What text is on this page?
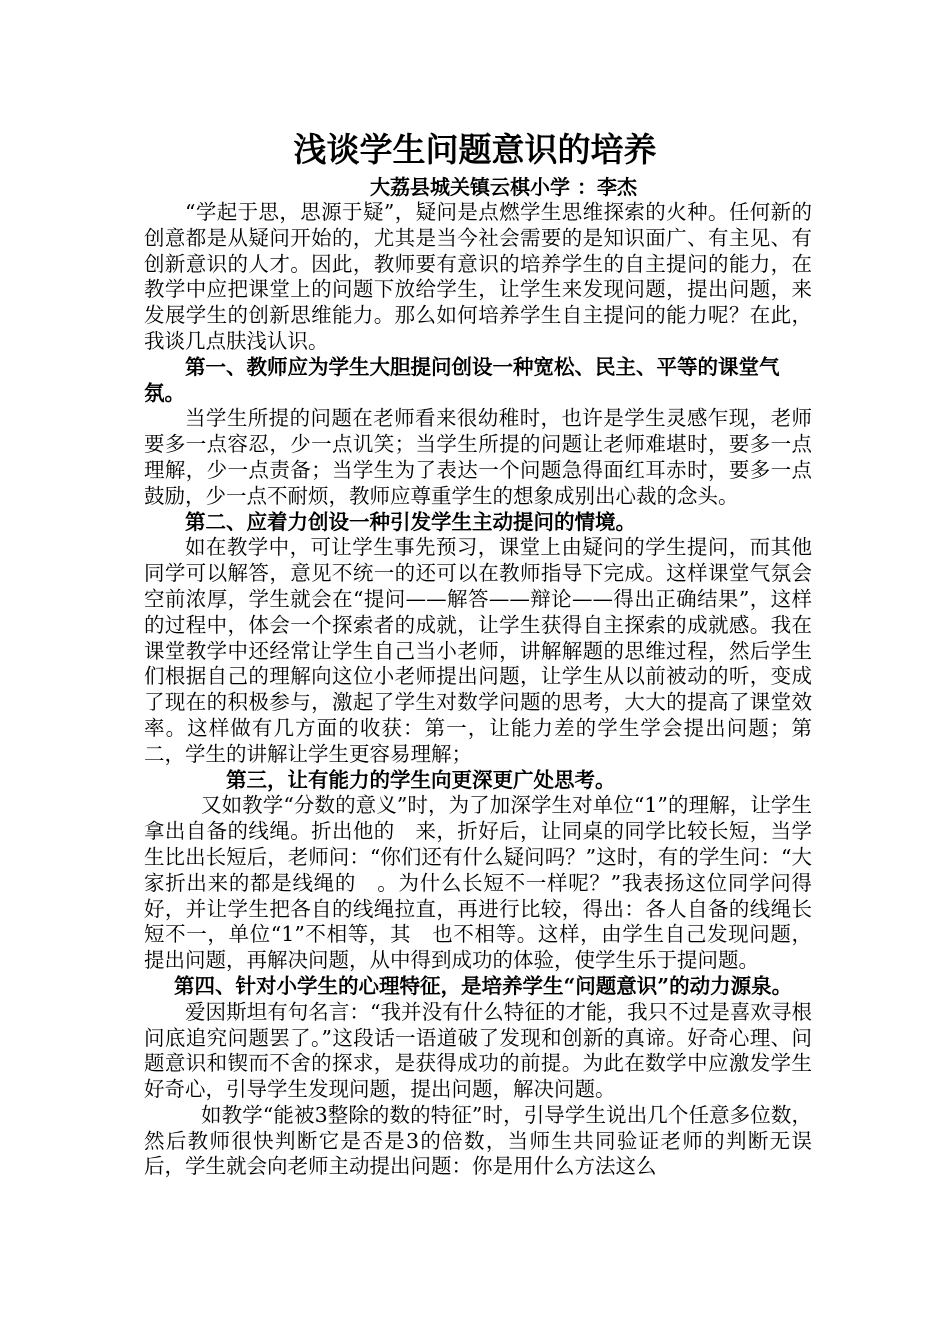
浅谈学生问题意识的培养
大荔县城关镇云棋小学 ：李杰

“学起于思，思源于疑”，疑问是点燃学生思维探索的火种。任何新的创意都是从疑问开始的，尤其是当今社会需要的是知识面广、有主见、有创新意识的人才。因此，教师要有意识的培养学生的自主提问的能力，在教学中应把课堂上的问题下放给学生，让学生来发现问题，提出问题，来发展学生的创新思维能力。那么如何培养学生自主提问的能力呢？在此，我谈几点肤浅认识。

第一、教师应为学生大胆提问创设一种宽松、民主、平等的课堂气氛。

当学生所提的问题在老师看来很幼稚时，也许是学生灵感乍现，老师要多一点容忍，少一点讥笑；当学生所提的问题让老师难堪时，要多一点理解，少一点责备；当学生为了表达一个问题急得面红耳赤时，要多一点鼓励，少一点不耐烦，教师应尊重学生的想象成别出心裁的念头。

第二、应着力创设一种引发学生主动提问的情境。

如在教学中，可让学生事先预习，课堂上由疑问的学生提问，而其他同学可以解答，意见不统一的还可以在教师指导下完成。这样课堂气氛会空前浓厚，学生就会在“提问——解答——辩论——得出正确结果”，这样的过程中，体会一个探索者的成就，让学生获得自主探索的成就感。我在课堂教学中还经常让学生自己当小老师，讲解解题的思维过程，然后学生们根据自己的理解向这位小老师提出问题，让学生从以前被动的听，变成了现在的积极参与，激起了学生对数学问题的思考，大大的提高了课堂效率。这样做有几方面的收获：第一，让能力差的学生学会提出问题；第二，学生的讲解让学生更容易理解；

第三，让有能力的学生向更深更广处思考。

又如教学“分数的意义”时，为了加深学生对单位“1”的理解，让学生拿出自备的线绳。折出他的　来，折好后，让同桌的同学比较长短，当学生比出长短后，老师问：“你们还有什么疑问吗？”这时，有的学生问：“大家折出来的都是线绳的　。为什么长短不一样呢？”我表扬这位同学问得好，并让学生把各自的线绳拉直，再进行比较，得出：各人自备的线绳长短不一，单位“1”不相等，其　也不相等。这样，由学生自己发现问题，提出问题，再解决问题，从中得到成功的体验，使学生乐于提问题。

第四、针对小学生的心理特征，是培养学生“问题意识”的动力源泉。

爱因斯坦有句名言：“我并没有什么特征的才能，我只不过是喜欢寻根问底追究问题罢了。”这段话一语道破了发现和创新的真谛。好奇心理、问题意识和锲而不舍的探求，是获得成功的前提。为此在数学中应激发学生好奇心，引导学生发现问题，提出问题，解决问题。

如教学“能被3整除的数的特征”时，引导学生说出几个任意多位数，然后教师很快判断它是否是3的倍数，当师生共同验证老师的判断无误后，学生就会向老师主动提出问题：你是用什么方法这么
